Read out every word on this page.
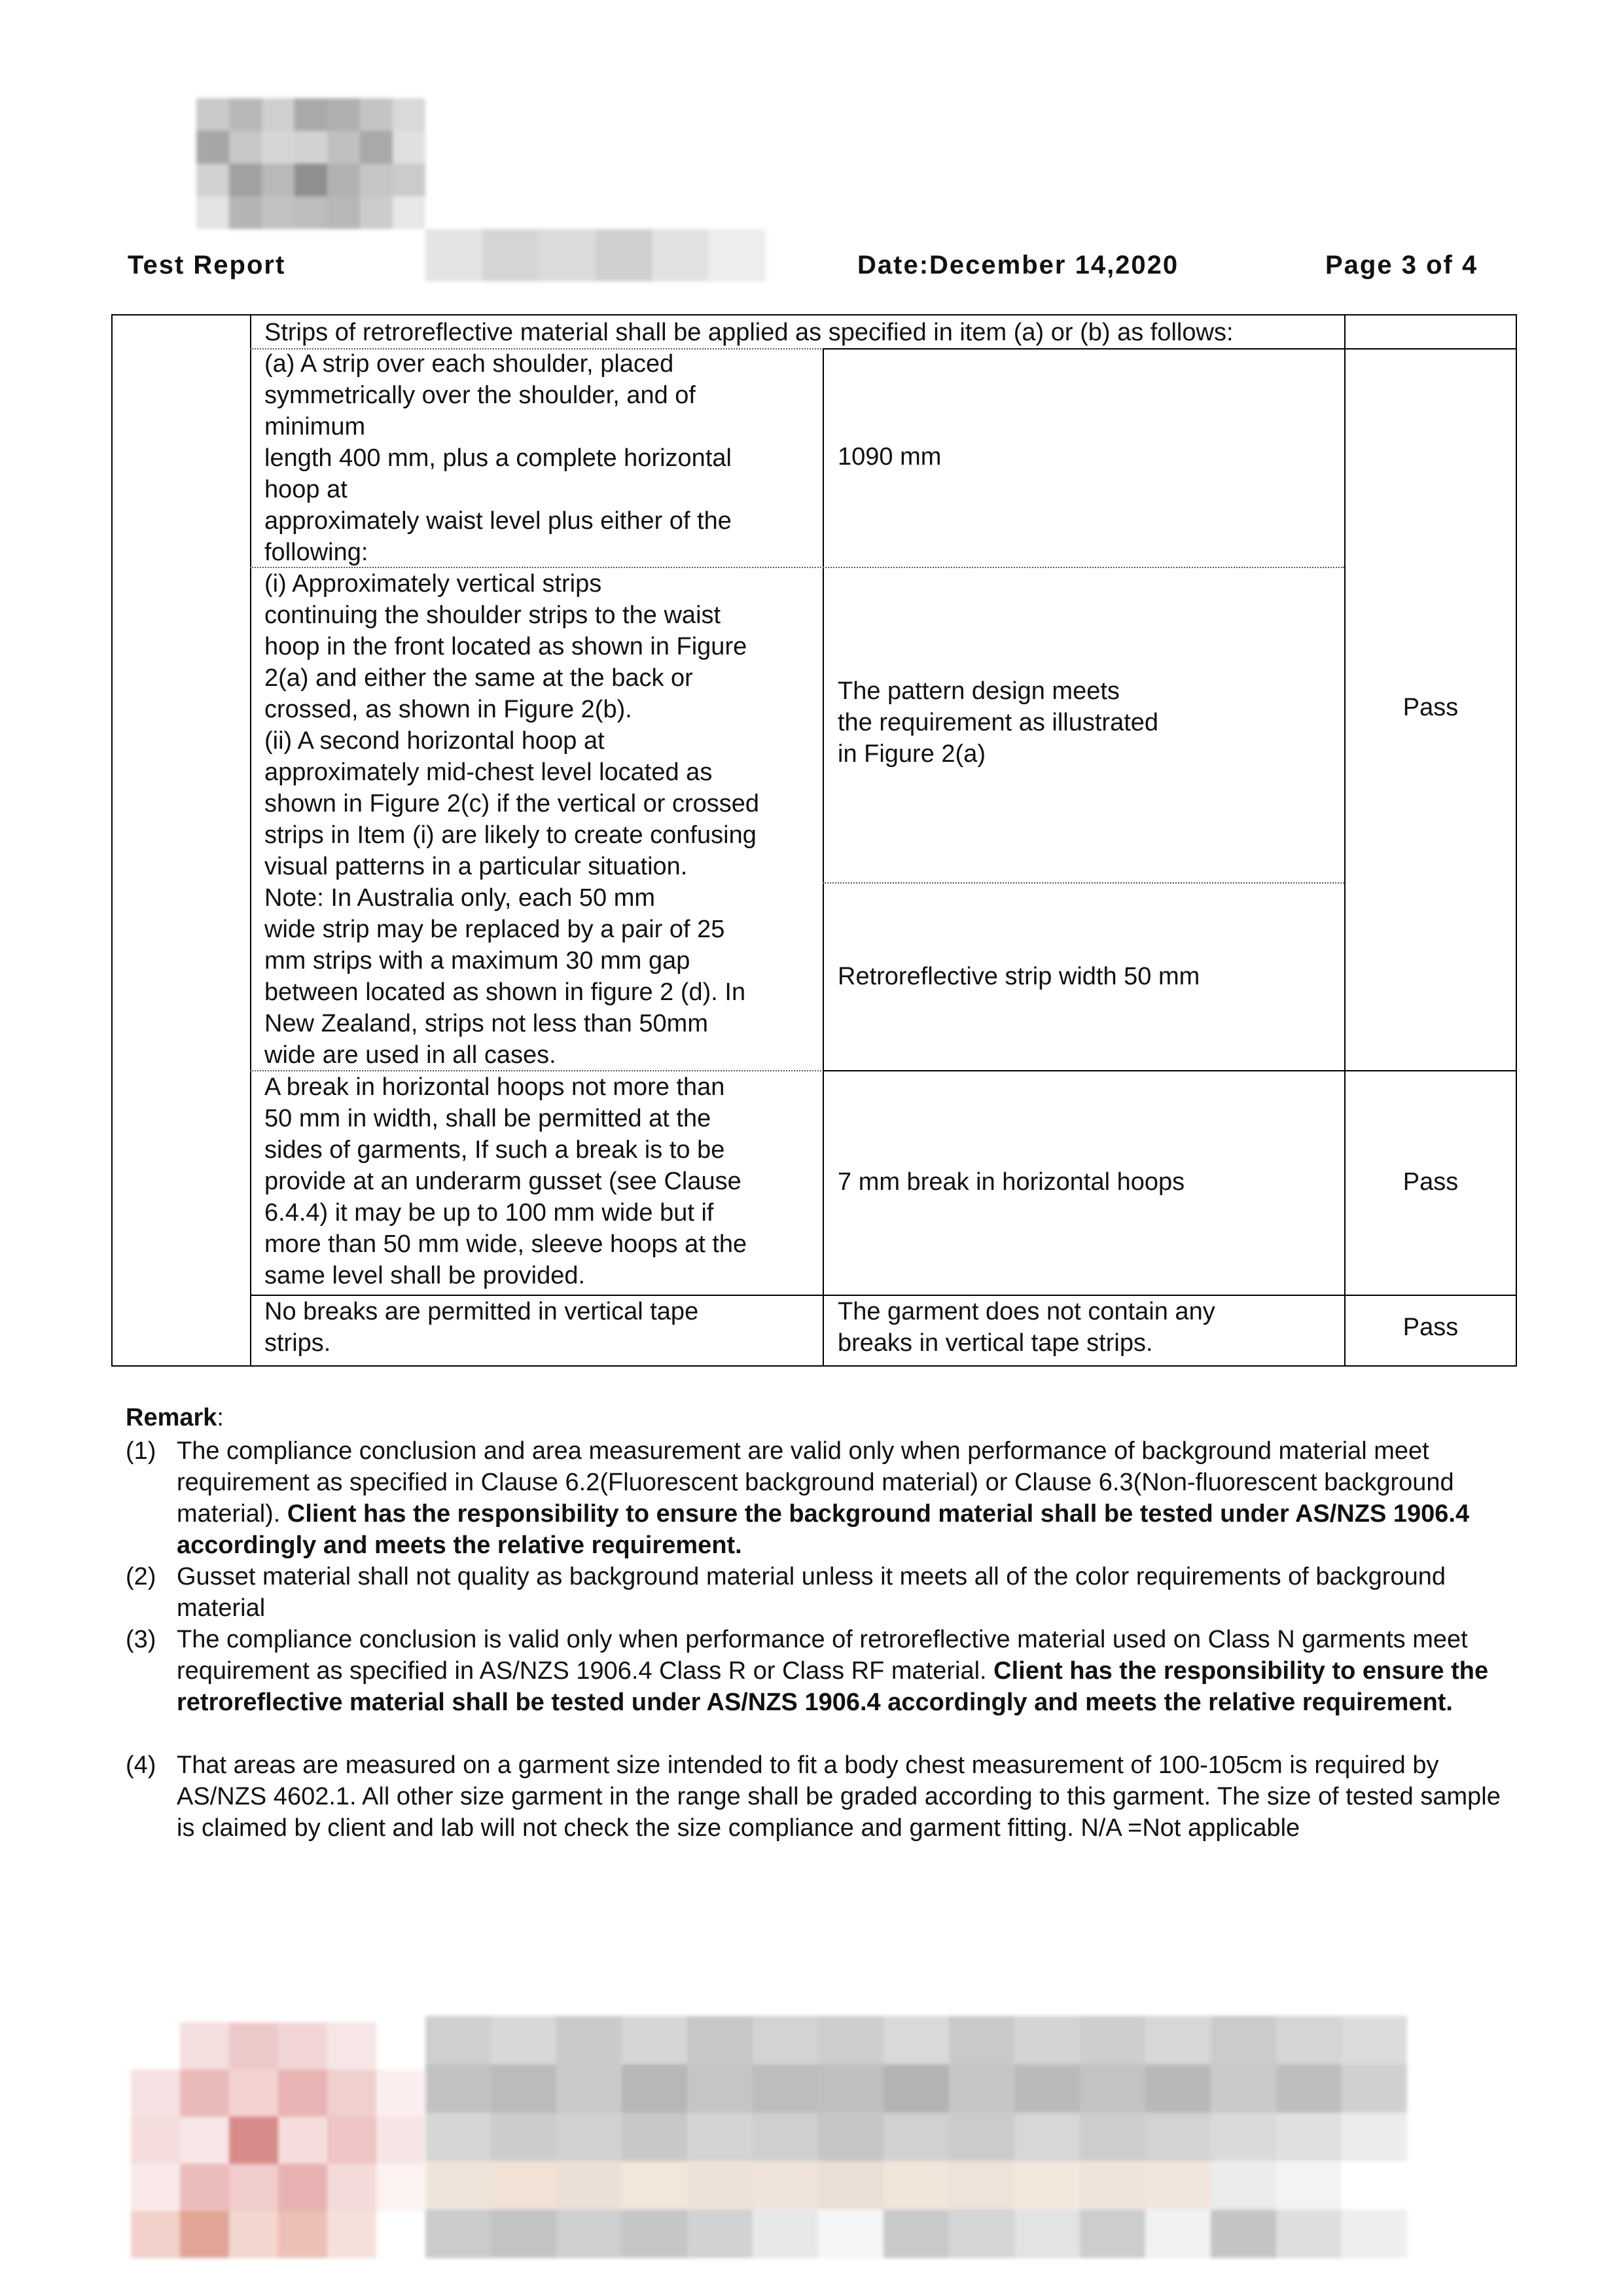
Test Report	Date:December 14,2020	Page 3 of 4
Strips of retroreflective material shall be applied as specified in item (a) or (b) as follows:
(a) A strip over each shoulder, placed
symmetrically over the shoulder, and of
minimum
length 400 mm, plus a complete horizontal
hoop at
approximately waist level plus either of the
following:
1090 mm
(i) Approximately vertical strips
continuing the shoulder strips to the waist
hoop in the front located as shown in Figure
2(a) and either the same at the back or
crossed, as shown in Figure 2(b).
(ii) A second horizontal hoop at
approximately mid-chest level located as
shown in Figure 2(c) if the vertical or crossed
strips in Item (i) are likely to create confusing
visual patterns in a particular situation.
The pattern design meets
the requirement as illustrated
in Figure 2(a)
Note: In Australia only, each 50 mm
wide strip may be replaced by a pair of 25
mm strips with a maximum 30 mm gap
between located as shown in figure 2 (d). In
New Zealand, strips not less than 50mm
wide are used in all cases.
Retroreflective strip width 50 mm
A break in horizontal hoops not more than
50 mm in width, shall be permitted at the
sides of garments, If such a break is to be
provide at an underarm gusset (see Clause
6.4.4) it may be up to 100 mm wide but if
more than 50 mm wide, sleeve hoops at the
same level shall be provided.
7 mm break in horizontal hoops
No breaks are permitted in vertical tape
strips.
The garment does not contain any
breaks in vertical tape strips.
Pass
Pass
Pass
Remark:
(1) The compliance conclusion and area measurement are valid only when performance of background material meet requirement as specified in Clause 6.2(Fluorescent background material) or Clause 6.3(Non-fluorescent background material). Client has the responsibility to ensure the background material shall be tested under AS/NZS 1906.4 accordingly and meets the relative requirement.
(2) Gusset material shall not quality as background material unless it meets all of the color requirements of background material
(3) The compliance conclusion is valid only when performance of retroreflective material used on Class N garments meet requirement as specified in AS/NZS 1906.4 Class R or Class RF material. Client has the responsibility to ensure the retroreflective material shall be tested under AS/NZS 1906.4 accordingly and meets the relative requirement.
(4) That areas are measured on a garment size intended to fit a body chest measurement of 100-105cm is required by AS/NZS 4602.1. All other size garment in the range shall be graded according to this garment. The size of tested sample is claimed by client and lab will not check the size compliance and garment fitting. N/A =Not applicable
